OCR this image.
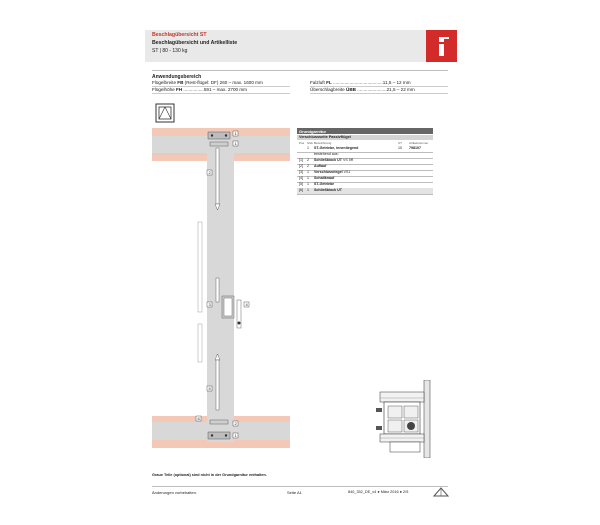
Beschlagübersicht ST
Beschlagübersicht und Artikelliste
ST | 80 - 130 kg
Anwendungsbereich
Flügelbreite FB (Rest-flügel: DF) 260 – max. 1600 mm
Flügelhöhe FH ................591 – max. 2700 mm
Falzluft FL .......................................11,5 – 12 mm
Überschlagbreite ÜBB .......................21,5 – 22 mm
1
1
2
3	4
5
6
2
1
Grundgarnitur
Verschlussseite Passivflügel
Pos Stck Bezeichnung	UT Artikelnummer
1 ST-Getriebe, innenliegend	10 798107
bestehend aus:
[1] 2 Schließblock UT VS 5R
[2] 2 Auflauf
[3] 1 Verschlussriegel VS1
[4] 1 Schaltknauf
[5] 1 ST-Getriebe
[6] 1 Schließblock UT
Graue Teile (optional) sind nicht in der Grundgarnitur enthalten.
Änderungen vorbehalten.	Seite A1	840_332_DE_v4 ● März 2016 ● 2/5
